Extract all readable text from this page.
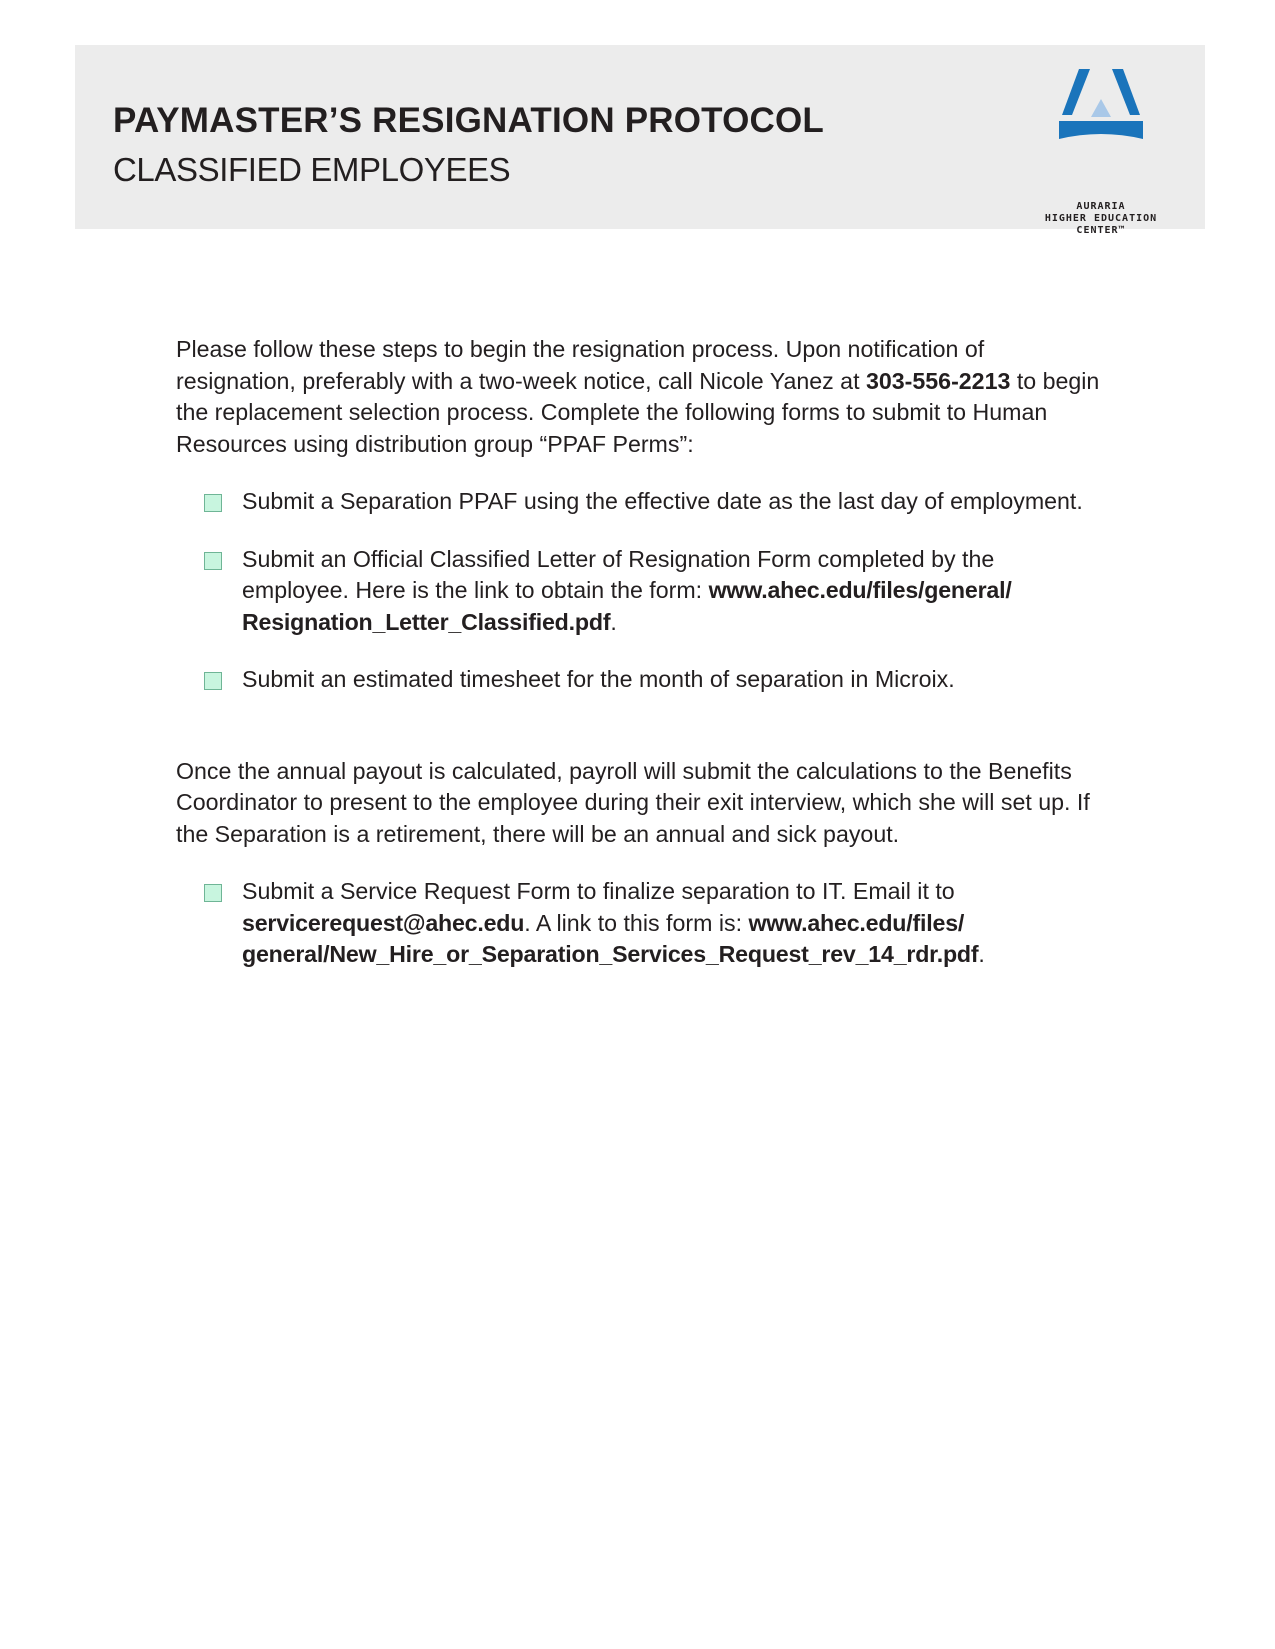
PAYMASTER’S RESIGNATION PROTOCOL
CLASSIFIED EMPLOYEES
AURARIA
HIGHER EDUCATION
CENTER™

Please follow these steps to begin the resignation process. Upon notification of resignation, preferably with a two-week notice, call Nicole Yanez at 303-556-2213 to begin the replacement selection process. Complete the following forms to submit to Human Resources using distribution group “PPAF Perms”:

Submit a Separation PPAF using the effective date as the last day of employment.
Submit an Official Classified Letter of Resignation Form completed by the employee. Here is the link to obtain the form: www.ahec.edu/files/general/ Resignation_Letter_Classified.pdf.
Submit an estimated timesheet for the month of separation in Microix.

Once the annual payout is calculated, payroll will submit the calculations to the Benefits Coordinator to present to the employee during their exit interview, which she will set up. If the Separation is a retirement, there will be an annual and sick payout.

Submit a Service Request Form to finalize separation to IT. Email it to servicerequest@ahec.edu. A link to this form is: www.ahec.edu/files/ general/New_Hire_or_Separation_Services_Request_rev_14_rdr.pdf.
